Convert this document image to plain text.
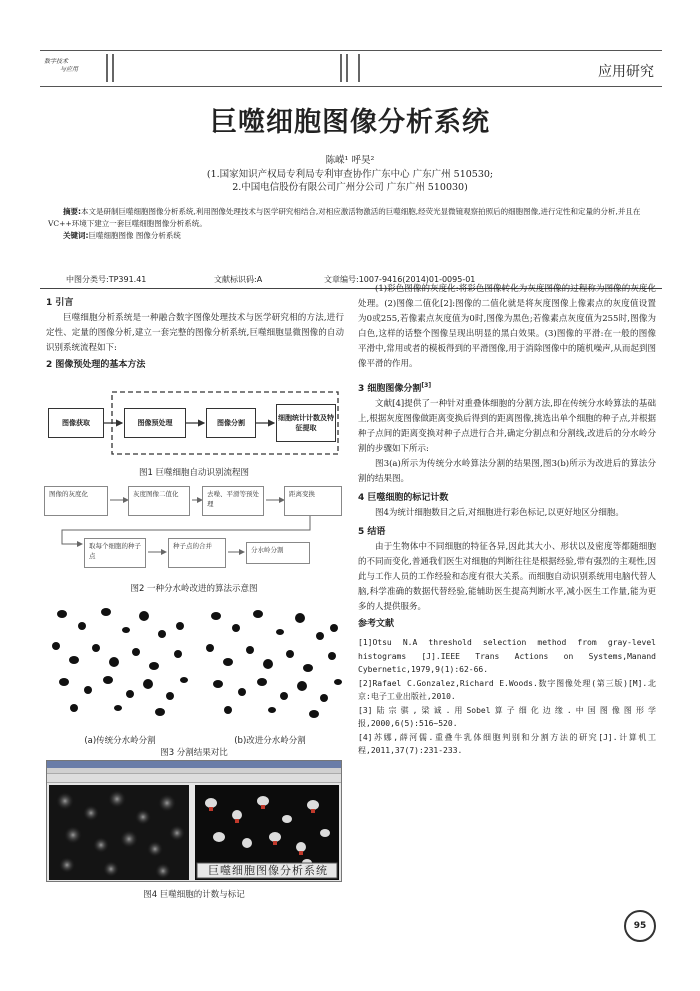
数字技术
与应用	应用研究
巨噬细胞图像分析系统
陈嵘¹ 呼昊²
(1.国家知识产权局专利局专利审查协作广东中心 广东广州 510530;
2.中国电信股份有限公司广州分公司 广东广州 510030)
摘要:本文是研制巨噬细胞图像分析系统,利用图像处理技术与医学研究相结合,对相应激活物激活的巨噬细胞,经荧光显微镜观察拍照后的细胞图像,进行定性和定量的分析,并且在VC++环境下建立一套巨噬细胞图像分析系统。
关键词:巨噬细胞图像 图像分析系统
中图分类号:TP391.41	文献标识码:A	文章编号:1007-9416(2014)01-0095-01
1 引言
巨噬细胞分析系统是一种融合数字图像处理技术与医学研究相的方法,进行定性、定量的图像分析,建立一套完整的图像分析系统,巨噬细胞显微图像的自动识别系统流程如下:
2 图像预处理的基本方法
图像获取	图像预处理	图像分割
细胞统计计数及特征提取
图1 巨噬细胞自动识别流程图
图像的灰度化	灰度图像二值化	去噪、平滑等预处理
距离变换
取每个细胞的种子点
种子点的合并	分水岭分割
图2 一种分水岭改进的算法示意图
(a)传统分水岭分割	(b)改进分水岭分割
图3 分割结果对比
巨噬细胞图像分析系统
图4 巨噬细胞的计数与标记
(1)彩色图像的灰度化:将彩色图像转化为灰度图像的过程称为图像的灰度化处理。(2)图像二值化[2]:图像的二值化就是将灰度图像上像素点的灰度值设置为0或255,若像素点灰度值为0时,图像为黑色;若像素点灰度值为255时,图像为白色,这样的话整个图像呈现出明显的黑白效果。(3)图像的平滑:在一般的图像平滑中,常用或者的模板得到的平滑图像,用于消除图像中的随机噪声,从而起到图像平滑的作用。
3 细胞图像分割[3]
文献[4]提供了一种针对重叠体细胞的分割方法,即在传统分水岭算法的基础上,根据灰度图像做距离变换后得到的距离图像,挑选出单个细胞的种子点,并根据种子点间的距离变换对种子点进行合并,确定分割点和分割线,改进后的分水岭分割的步骤如下所示:
图3(a)所示为传统分水岭算法分割的结果图,图3(b)所示为改进后的算法分割的结果图。
4 巨噬细胞的标记计数
图4为统计细胞数目之后,对细胞进行彩色标记,以更好地区分细胞。
5 结语
由于生物体中不同细胞的特征各异,因此其大小、形状以及密度等都随细胞的不同而变化,普通我们医生对细胞的判断往往是根据经验,带有强烈的主观性,因此与工作人员的工作经验和态度有很大关系。而细胞自动识别系统用电脑代替人脑,科学准确的数据代替经验,能辅助医生提高判断水平,减小医生工作量,能为更多的人提供服务。
参考文献
[1]Otsu N.A threshold selection method from gray-level histograms [J].IEEE Trans Actions on Systems,Manand Cybernetic,1979,9(1):62-66.
[2]Rafael C.Gonzalez,Richard E.Woods.数字图像处理(第三版)[M].北京:电子工业出版社,2010.
[3]陆宗骐,梁诚.用Sobel算子细化边缘.中国图像图形学报,2000,6(5):516~520.
[4]苏娜,薛河儒.重叠牛乳体细胞判别和分割方法的研究[J].计算机工程,2011,37(7):231-233.
95
